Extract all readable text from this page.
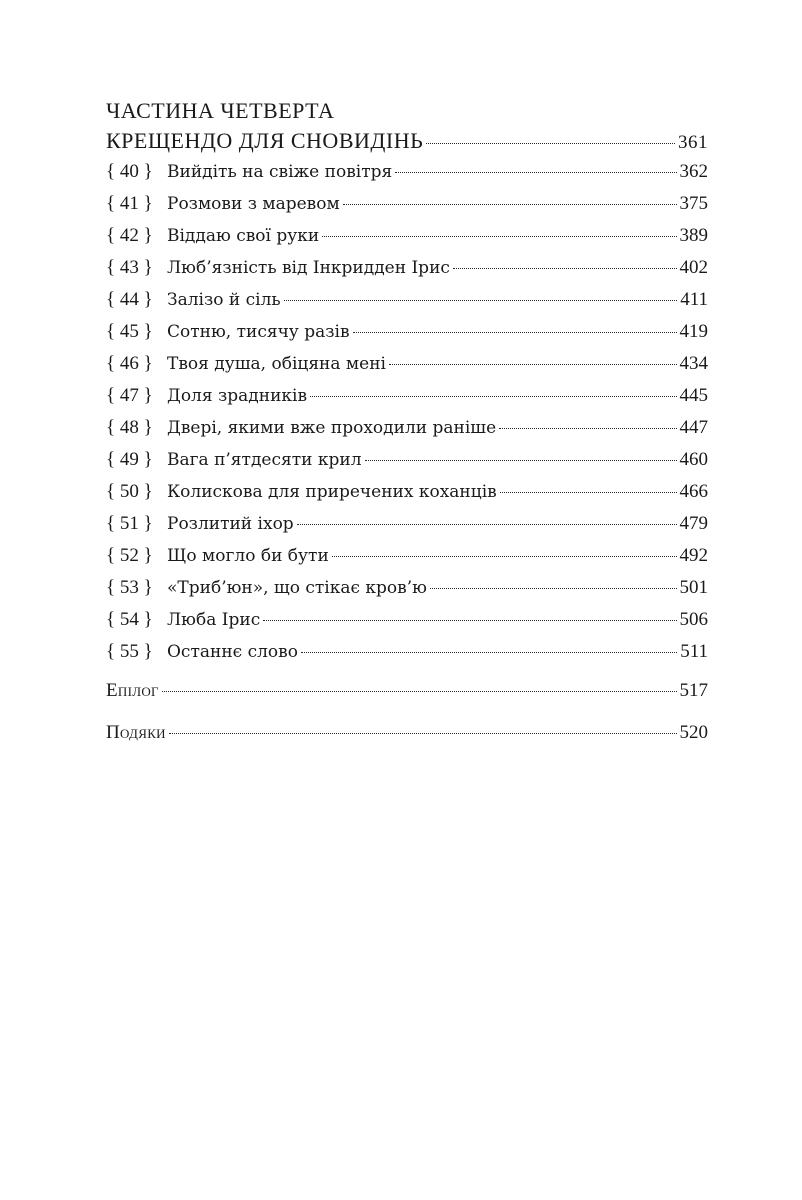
ЧАСТИНА ЧЕТВЕРТА
КРЕЩЕНДО ДЛЯ СНОВИДІНЬ	361
{ 40 } Вийдіть на свіже повітря	362
{ 41 } Розмови з маревом	375
{ 42 } Віддаю свої руки	389
{ 43 } Люб’язність від Інкридден Ірис	402
{ 44 } Залізо й сіль	411
{ 45 } Сотню, тисячу разів	419
{ 46 } Твоя душа, обіцяна мені	434
{ 47 } Доля зрадників	445
{ 48 } Двері, якими вже проходили раніше	447
{ 49 } Вага п’ятдесяти крил	460
{ 50 } Колискова для приречених коханців	466
{ 51 } Розлитий іхор	479
{ 52 } Що могло би бути	492
{ 53 } «Триб’юн», що стікає кров’ю	501
{ 54 } Люба Ірис	506
{ 55 } Останнє слово	511
Епілог	517
Подяки	520
